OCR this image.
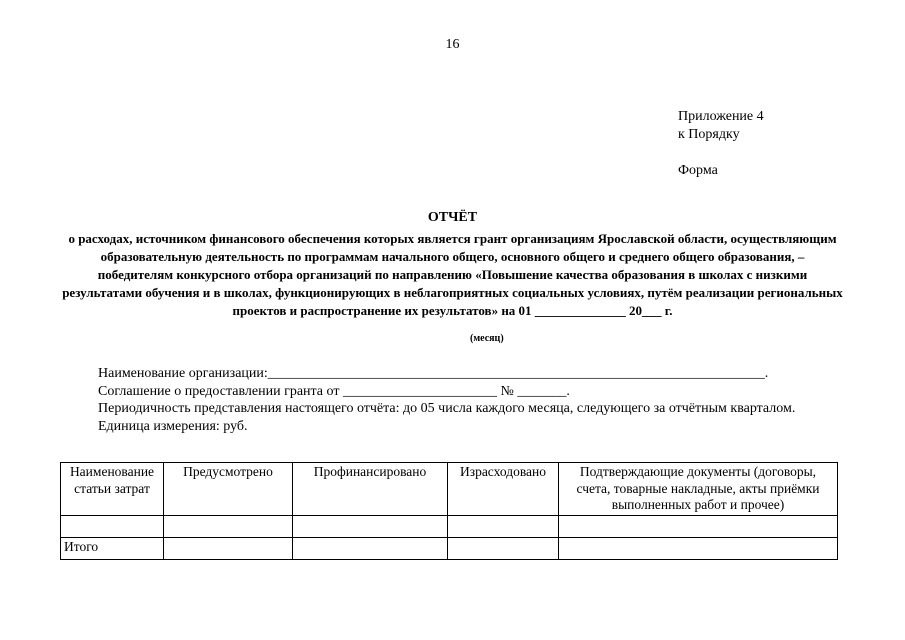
16
Приложение 4
к Порядку
Форма
ОТЧЁТ
о расходах, источником финансового обеспечения которых является грант организациям Ярославской области, осуществляющим образовательную деятельность по программам начального общего, основного общего и среднего общего образования, – победителям конкурсного отбора организаций по направлению «Повышение качества образования в школах с низкими результатами обучения и в школах, функционирующих в неблагоприятных социальных условиях, путём реализации региональных проектов и распространение их результатов» на 01 ______________ 20___ г.
(месяц)

Наименование организации:_______________________________________________________________________.

Соглашение о предоставлении гранта от ______________________ № _______.

Периодичность представления настоящего отчёта: до 05 числа каждого месяца, следующего за отчётным кварталом.

Единица измерения: руб.

Наименование статьи затрат	Предусмотрено	Профинансировано	Израсходовано	Подтверждающие документы (договоры, счета, товарные накладные, акты приёмки выполненных работ и прочее)

Итого				
